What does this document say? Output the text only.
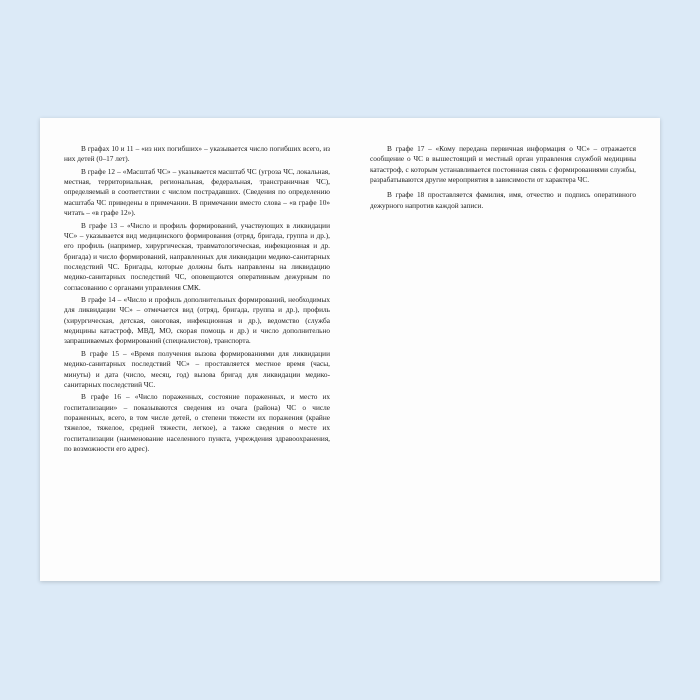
В графах 10 и 11 – «из них погибших» – указывается число погибших всего, из них детей (0–17 лет).

В графе 12 – «Масштаб ЧС» – указывается масштаб ЧС (угроза ЧС, локальная, местная, территориальная, региональная, федеральная, трансграничная ЧС), определяемый в соответствии с числом пострадавших. (Сведения по определению масштаба ЧС приведены в примечании. В примечании вместо слова – «в графе 10» читать – «в графе 12»).

В графе 13 – «Число и профиль формирований, участвующих в ликвидации ЧС» – указывается вид медицинского формирования (отряд, бригада, группа и др.), его профиль (например, хирургическая, травматологическая, инфекционная и др. бригада) и число формирований, направленных для ликвидации медико-санитарных последствий ЧС. Бригады, которые должны быть направлены на ликвидацию медико-санитарных последствий ЧС, оповещаются оперативным дежурным по согласованию с органами управления СМК.

В графе 14 – «Число и профиль дополнительных формирований, необходимых для ликвидации ЧС» – отмечается вид (отряд, бригада, группа и др.), профиль (хирургическая, детская, ожоговая, инфекционная и др.), ведомство (служба медицины катастроф, МВД, МО, скорая помощь и др.) и число дополнительно запрашиваемых формирований (специалистов), транспорта.

В графе 15 – «Время получения вызова формированиями для ликвидации медико-санитарных последствий ЧС» – проставляется местное время (часы, минуты) и дата (число, месяц, год) вызова бригад для ликвидации медико-санитарных последствий ЧС.

В графе 16 – «Число пораженных, состояние пораженных, и место их госпитализации» – показываются сведения из очага (района) ЧС о числе пораженных, всего, в том числе детей, о степени тяжести их поражения (крайне тяжелое, тяжелое, средней тяжести, легкое), а также сведения о месте их госпитализации (наименование населенного пункта, учреждения здравоохранения, по возможности его адрес).

В графе 17 – «Кому передана первичная информация о ЧС» – отражается сообщение о ЧС в вышестоящий и местный орган управления службой медицины катастроф, с которым устанавливается постоянная связь с формированиями службы, разрабатываются другие мероприятия в зависимости от характера ЧС.

В графе 18 проставляется фамилия, имя, отчество и подпись оперативного дежурного напротив каждой записи.
